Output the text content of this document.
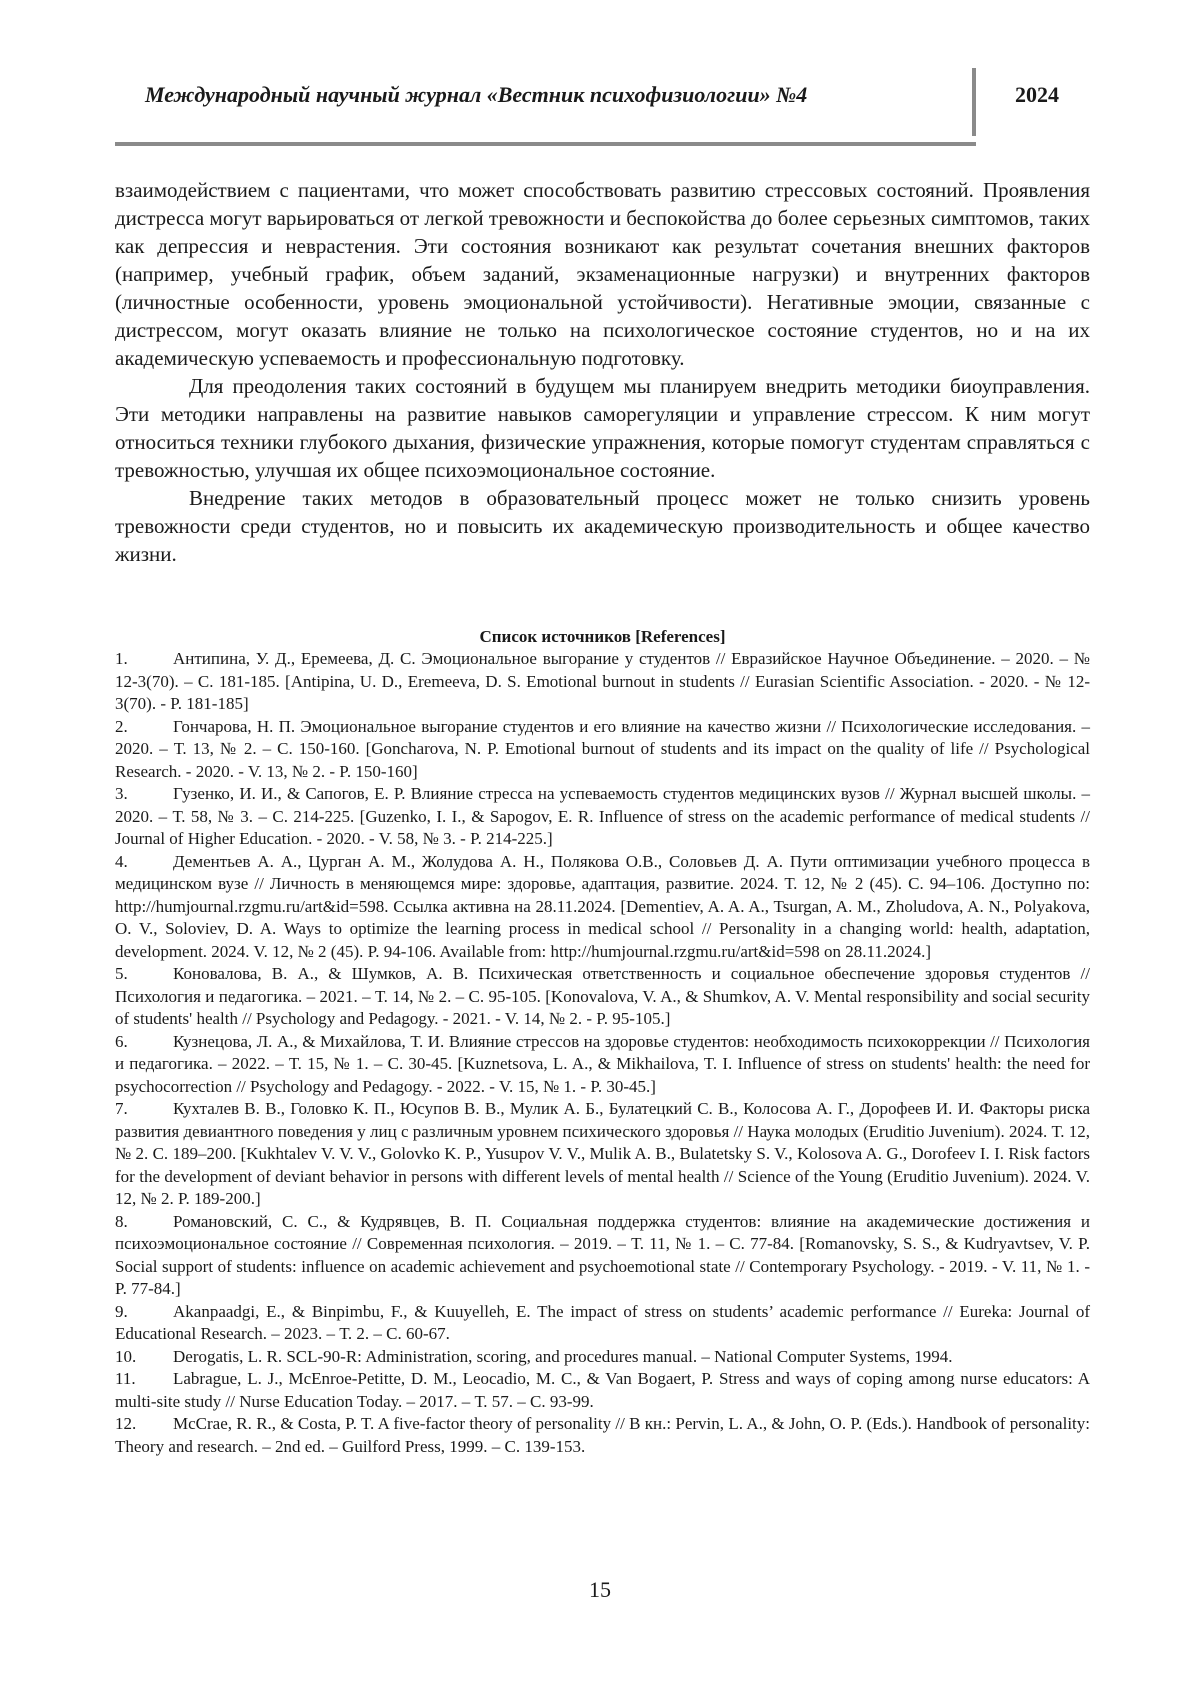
Международный научный журнал «Вестник психофизиологии» №4	2024

взаимодействием с пациентами, что может способствовать развитию стрессовых состояний. Проявления дистресса могут варьироваться от легкой тревожности и беспокойства до более серьезных симптомов, таких как депрессия и неврастения. Эти состояния возникают как результат сочетания внешних факторов (например, учебный график, объем заданий, экзаменационные нагрузки) и внутренних факторов (личностные особенности, уровень эмоциональной устойчивости). Негативные эмоции, связанные с дистрессом, могут оказать влияние не только на психологическое состояние студентов, но и на их академическую успеваемость и профессиональную подготовку.

Для преодоления таких состояний в будущем мы планируем внедрить методики биоуправления. Эти методики направлены на развитие навыков саморегуляции и управление стрессом. К ним могут относиться техники глубокого дыхания, физические упражнения, которые помогут студентам справляться с тревожностью, улучшая их общее психоэмоциональное состояние.

Внедрение таких методов в образовательный процесс может не только снизить уровень тревожности среди студентов, но и повысить их академическую производительность и общее качество жизни.

Список источников [References]

1.	Антипина, У. Д., Еремеева, Д. С. Эмоциональное выгорание у студентов // Евразийское Научное Объединение. – 2020. – № 12-3(70). – С. 181-185. [Antipina, U. D., Eremeeva, D. S. Emotional burnout in students // Eurasian Scientific Association. - 2020. - № 12-3(70). - P. 181-185]
2.	Гончарова, Н. П. Эмоциональное выгорание студентов и его влияние на качество жизни // Психологические исследования. – 2020. – Т. 13, № 2. – С. 150-160. [Goncharova, N. P. Emotional burnout of students and its impact on the quality of life // Psychological Research. - 2020. - V. 13, № 2. - P. 150-160]
3.	Гузенко, И. И., & Сапогов, Е. Р. Влияние стресса на успеваемость студентов медицинских вузов // Журнал высшей школы. – 2020. – Т. 58, № 3. – С. 214-225. [Guzenko, I. I., & Sapogov, E. R. Influence of stress on the academic performance of medical students // Journal of Higher Education. - 2020. - V. 58, № 3. - P. 214-225.]
4.	Дементьев А. А., Цурган А. М., Жолудова А. Н., Полякова О.В., Соловьев Д. А. Пути оптимизации учебного процесса в медицинском вузе // Личность в меняющемся мире: здоровье, адаптация, развитие. 2024. Т. 12, № 2 (45). С. 94–106. Доступно по: http://humjournal.rzgmu.ru/art&id=598. Ссылка активна на 28.11.2024. [Dementiev, A. A. A., Tsurgan, A. M., Zholudova, A. N., Polyakova, O. V., Soloviev, D. A. Ways to optimize the learning process in medical school // Personality in a changing world: health, adaptation, development. 2024. V. 12, № 2 (45). P. 94-106. Available from: http://humjournal.rzgmu.ru/art&id=598 on 28.11.2024.]
5.	Коновалова, В. А., & Шумков, А. В. Психическая ответственность и социальное обеспечение здоровья студентов // Психология и педагогика. – 2021. – Т. 14, № 2. – С. 95-105. [Konovalova, V. A., & Shumkov, A. V. Mental responsibility and social security of students' health // Psychology and Pedagogy. - 2021. - V. 14, № 2. - P. 95-105.]
6.	Кузнецова, Л. А., & Михайлова, Т. И. Влияние стрессов на здоровье студентов: необходимость психокоррекции // Психология и педагогика. – 2022. – Т. 15, № 1. – С. 30-45. [Kuznetsova, L. A., & Mikhailova, T. I. Influence of stress on students' health: the need for psychocorrection // Psychology and Pedagogy. - 2022. - V. 15, № 1. - P. 30-45.]
7.	Кухталев В. В., Головко К. П., Юсупов В. В., Мулик А. Б., Булатецкий С. В., Колосова А. Г., Дорофеев И. И. Факторы риска развития девиантного поведения у лиц с различным уровнем психического здоровья // Наука молодых (Eruditio Juvenium). 2024. Т. 12, № 2. С. 189–200. [Kukhtalev V. V. V., Golovko K. P., Yusupov V. V., Mulik A. B., Bulatetsky S. V., Kolosova A. G., Dorofeev I. I. Risk factors for the development of deviant behavior in persons with different levels of mental health // Science of the Young (Eruditio Juvenium). 2024. V. 12, № 2. P. 189-200.]
8.	Романовский, С. С., & Кудрявцев, В. П. Социальная поддержка студентов: влияние на академические достижения и психоэмоциональное состояние // Современная психология. – 2019. – Т. 11, № 1. – С. 77-84. [Romanovsky, S. S., & Kudryavtsev, V. P. Social support of students: influence on academic achievement and psychoemotional state // Contemporary Psychology. - 2019. - V. 11, № 1. - P. 77-84.]
9.	Akanpaadgi, E., & Binpimbu, F., & Kuuyelleh, E. The impact of stress on students’ academic performance // Eureka: Journal of Educational Research. – 2023. – Т. 2. – С. 60-67.
10. Derogatis, L. R. SCL-90-R: Administration, scoring, and procedures manual. – National Computer Systems, 1994.
11. Labrague, L. J., McEnroe-Petitte, D. M., Leocadio, M. C., & Van Bogaert, P. Stress and ways of coping among nurse educators: A multi-site study // Nurse Education Today. – 2017. – Т. 57. – С. 93-99.
12. McCrae, R. R., & Costa, P. T. A five-factor theory of personality // В кн.: Pervin, L. A., & John, O. P. (Eds.). Handbook of personality: Theory and research. – 2nd ed. – Guilford Press, 1999. – С. 139-153.
15
